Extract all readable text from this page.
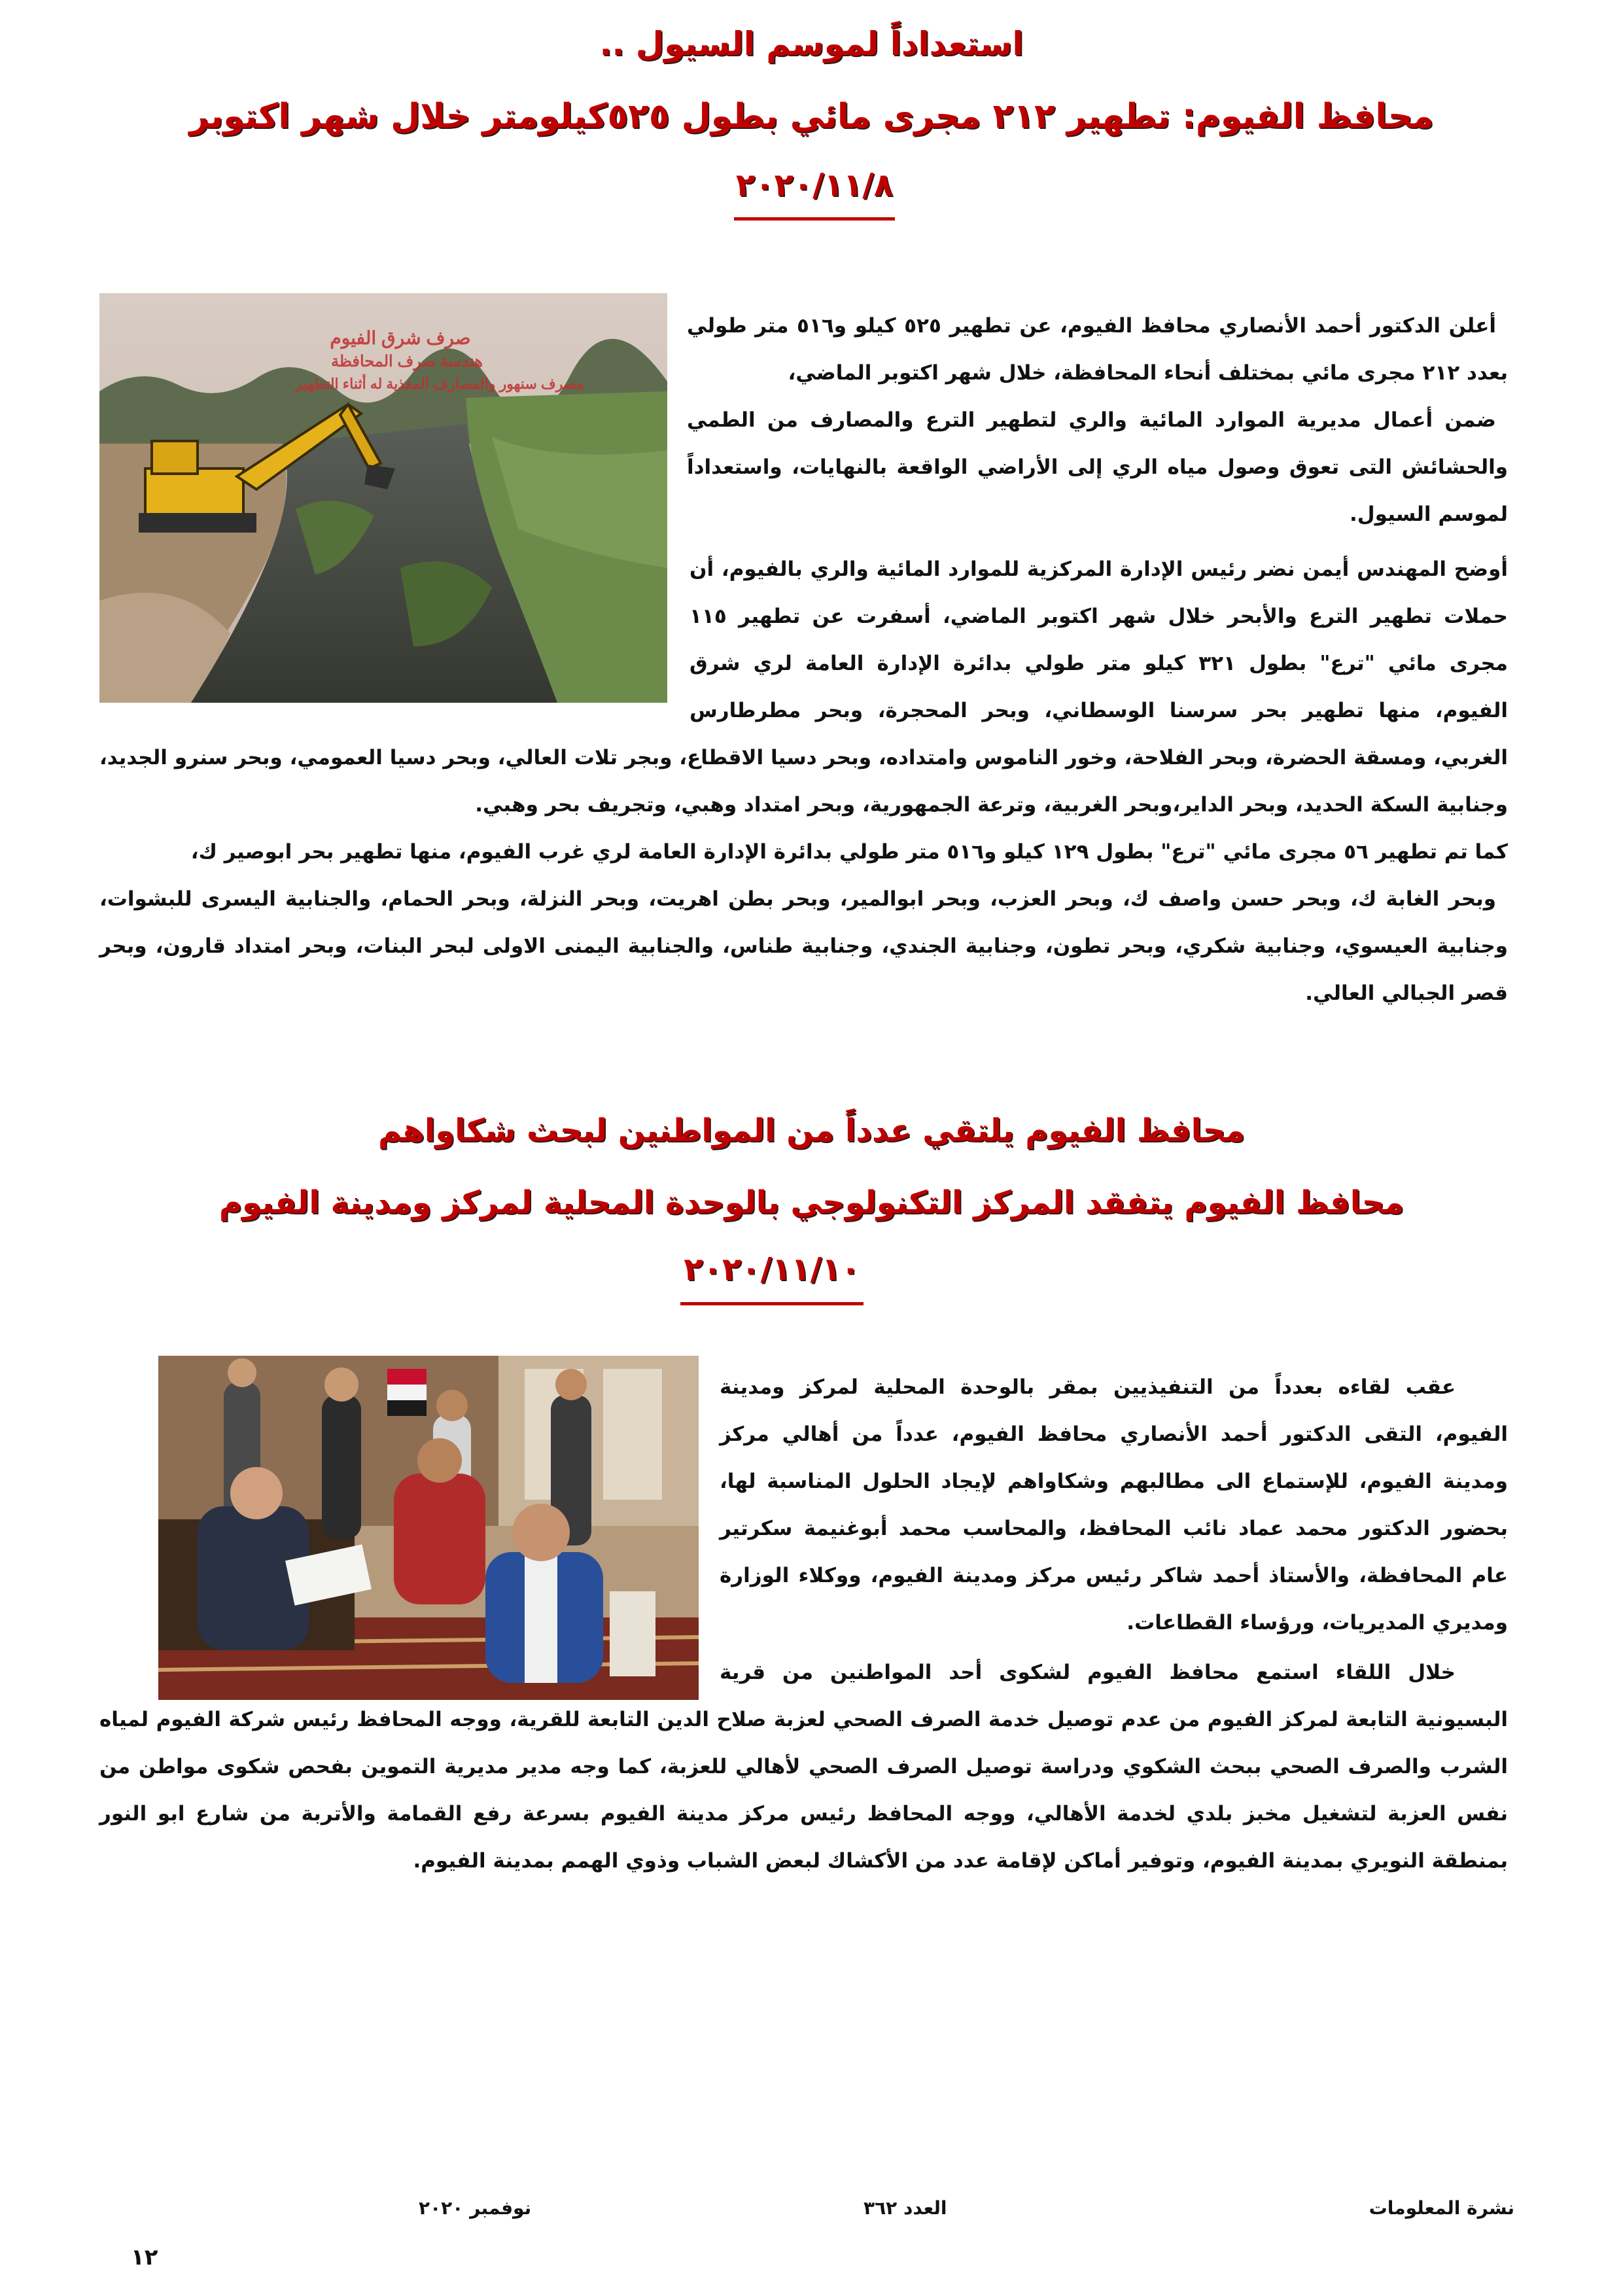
استعداداً لموسم السيول ..
محافظ الفيوم: تطهير ٢١٢ مجرى مائي بطول ٥٢٥كيلومتر خلال شهر اكتوبر
٢٠٢٠/١١/٨
صرف شرق الفيوم
هندسة صرف المحافظة
مصرف سنهور والمصارف المغذية له أثناء التطهير

أعلن الدكتور أحمد الأنصاري محافظ الفيوم، عن تطهير ٥٢٥ كيلو و٥١٦ متر طولي بعدد ٢١٢ مجرى مائي بمختلف أنحاء المحافظة، خلال شهر اكتوبر الماضي،

ضمن أعمال مديرية الموارد المائية والري لتطهير الترع والمصارف من الطمي والحشائش التى تعوق وصول مياه الري إلى الأراضي الواقعة بالنهايات، واستعداداً لموسم السيول.

أوضح المهندس أيمن نضر رئيس الإدارة المركزية للموارد المائية والري بالفيوم، أن حملات تطهير الترع والأبحر خلال شهر اكتوبر الماضي، أسفرت عن تطهير ١١٥ مجرى مائي "ترع" بطول ٣٢١ كيلو متر طولي بدائرة الإدارة العامة لري شرق الفيوم، منها تطهير بحر سرسنا الوسطاني، وبحر المحجرة، وبحر مطرطارس الغربي، ومسقة الحضرة، وبحر الفلاحة، وخور الناموس وامتداده، وبحر دسيا الاقطاع، وبجر تلات العالي، وبحر دسيا العمومي، وبحر سنرو الجديد، وجنابية السكة الحديد، وبحر الداير،وبحر الغربية، وترعة الجمهورية، وبحر امتداد وهبي، وتجريف بحر وهبي.

كما تم تطهير ٥٦ مجرى مائي "ترع" بطول ١٢٩ كيلو و٥١٦ متر طولي بدائرة الإدارة العامة لري غرب الفيوم، منها تطهير بحر ابوصير ك،

وبحر الغابة ك، وبحر حسن واصف ك، وبحر العزب، وبحر ابوالمير، وبحر بطن اهريت، وبحر النزلة، وبحر الحمام، والجنابية اليسرى للبشوات، وجنابية العيسوي، وجنابية شكري، وبحر تطون، وجنابية الجندي، وجنابية طناس، والجنابية اليمنى الاولى لبحر البنات، وبحر امتداد قارون، وبحر قصر الجبالي العالي.

محافظ الفيوم يلتقي عدداً من المواطنين لبحث شكاواهم
محافظ الفيوم يتفقد المركز التكنولوجي بالوحدة المحلية لمركز ومدينة الفيوم
٢٠٢٠/١١/١٠

عقب لقاءه بعدداً من التنفيذيين بمقر بالوحدة المحلية لمركز ومدينة الفيوم، التقى الدكتور أحمد الأنصاري محافظ الفيوم، عدداً من أهالي مركز ومدينة الفيوم، للإستماع الى مطالبهم وشكاواهم لإيجاد الحلول المناسبة لها، بحضور الدكتور محمد عماد نائب المحافظ، والمحاسب محمد أبوغنيمة سكرتير عام المحافظة، والأستاذ أحمد شاكر رئيس مركز ومدينة الفيوم، ووكلاء الوزارة ومديري المديريات، ورؤساء القطاعات.

خلال اللقاء استمع محافظ الفيوم لشكوى أحد المواطنين من قرية البسيونية التابعة لمركز الفيوم من عدم توصيل خدمة الصرف الصحي لعزبة صلاح الدين التابعة للقرية، ووجه المحافظ رئيس شركة الفيوم لمياه الشرب والصرف الصحي ببحث الشكوي ودراسة توصيل الصرف الصحي لأهالي للعزبة، كما وجه مدير مديرية التموين بفحص شكوى مواطن من نفس العزبة لتشغيل مخبز بلدي لخدمة الأهالي، ووجه المحافظ رئيس مركز مدينة الفيوم بسرعة رفع القمامة والأتربة من شارع ابو النور بمنطقة النويري بمدينة الفيوم، وتوفير أماكن لإقامة عدد من الأكشاك لبعض الشباب وذوي الهمم بمدينة الفيوم.

نشرة المعلومات
العدد ٣٦٢
نوفمبر ٢٠٢٠
١٢
